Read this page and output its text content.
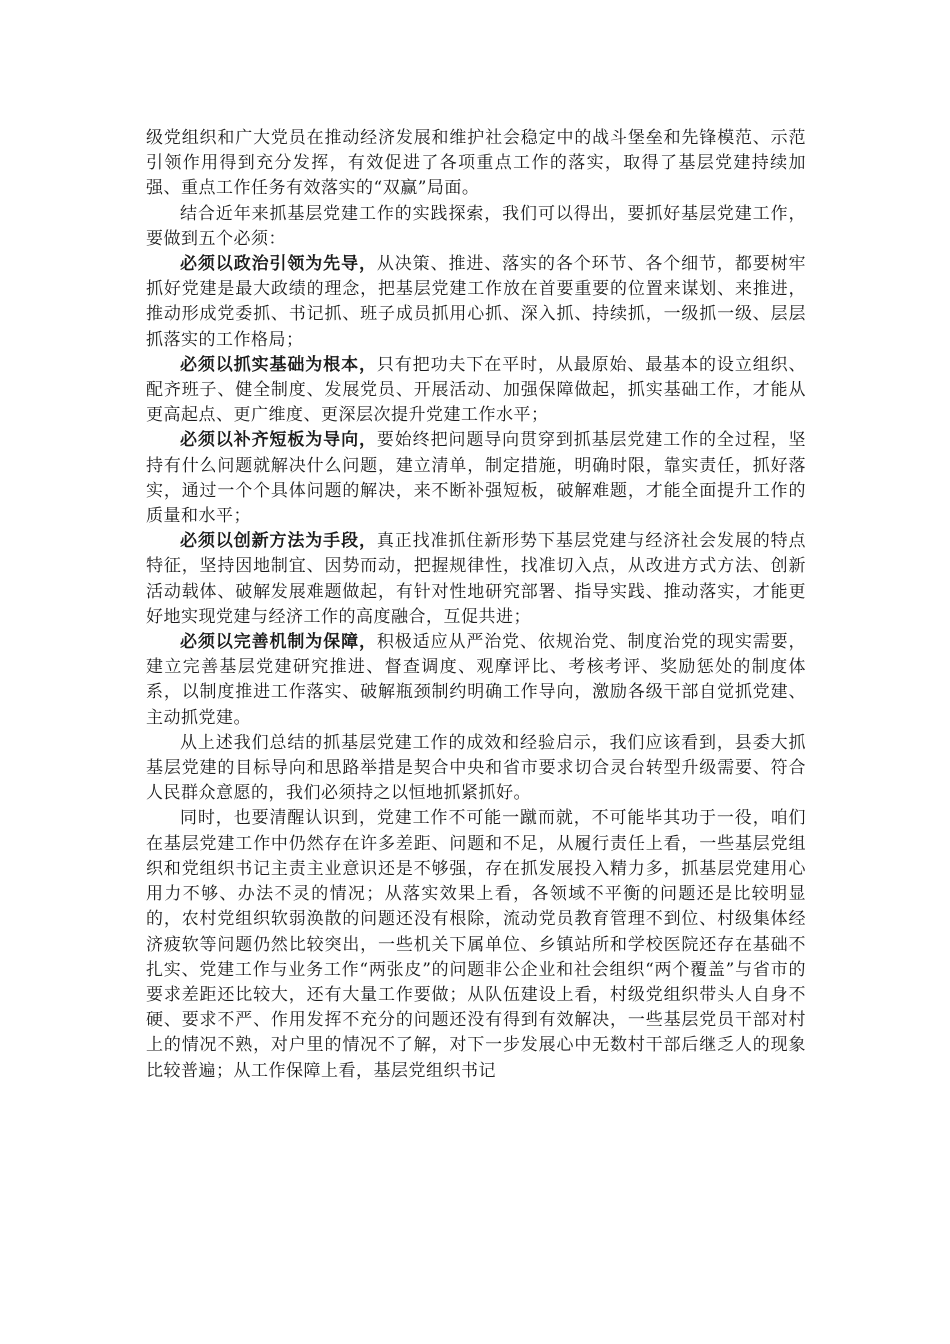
级党组织和广大党员在推动经济发展和维护社会稳定中的战斗堡垒和先锋模范、示范引领作用得到充分发挥，有效促进了各项重点工作的落实，取得了基层党建持续加强、重点工作任务有效落实的“双赢”局面。

结合近年来抓基层党建工作的实践探索，我们可以得出，要抓好基层党建工作，要做到五个必须：

必须以政治引领为先导，从决策、推进、落实的各个环节、各个细节，都要树牢抓好党建是最大政绩的理念，把基层党建工作放在首要重要的位置来谋划、来推进，推动形成党委抓、书记抓、班子成员抓用心抓、深入抓、持续抓，一级抓一级、层层抓落实的工作格局；

必须以抓实基础为根本，只有把功夫下在平时，从最原始、最基本的设立组织、配齐班子、健全制度、发展党员、开展活动、加强保障做起，抓实基础工作，才能从更高起点、更广维度、更深层次提升党建工作水平；

必须以补齐短板为导向，要始终把问题导向贯穿到抓基层党建工作的全过程，坚持有什么问题就解决什么问题，建立清单，制定措施，明确时限，靠实责任，抓好落实，通过一个个具体问题的解决，来不断补强短板，破解难题，才能全面提升工作的质量和水平；

必须以创新方法为手段，真正找准抓住新形势下基层党建与经济社会发展的特点特征，坚持因地制宜、因势而动，把握规律性，找准切入点，从改进方式方法、创新活动载体、破解发展难题做起，有针对性地研究部署、指导实践、推动落实，才能更好地实现党建与经济工作的高度融合，互促共进；

必须以完善机制为保障，积极适应从严治党、依规治党、制度治党的现实需要，建立完善基层党建研究推进、督查调度、观摩评比、考核考评、奖励惩处的制度体系，以制度推进工作落实、破解瓶颈制约明确工作导向，激励各级干部自觉抓党建、主动抓党建。

从上述我们总结的抓基层党建工作的成效和经验启示，我们应该看到，县委大抓基层党建的目标导向和思路举措是契合中央和省市要求切合灵台转型升级需要、符合人民群众意愿的，我们必须持之以恒地抓紧抓好。

同时，也要清醒认识到，党建工作不可能一蹴而就，不可能毕其功于一役，咱们在基层党建工作中仍然存在许多差距、问题和不足，从履行责任上看，一些基层党组织和党组织书记主责主业意识还是不够强，存在抓发展投入精力多，抓基层党建用心用力不够、办法不灵的情况；从落实效果上看，各领域不平衡的问题还是比较明显的，农村党组织软弱涣散的问题还没有根除，流动党员教育管理不到位、村级集体经济疲软等问题仍然比较突出，一些机关下属单位、乡镇站所和学校医院还存在基础不扎实、党建工作与业务工作“两张皮”的问题非公企业和社会组织“两个覆盖”与省市的要求差距还比较大，还有大量工作要做；从队伍建设上看，村级党组织带头人自身不硬、要求不严、作用发挥不充分的问题还没有得到有效解决，一些基层党员干部对村上的情况不熟，对户里的情况不了解，对下一步发展心中无数村干部后继乏人的现象比较普遍；从工作保障上看，基层党组织书记
